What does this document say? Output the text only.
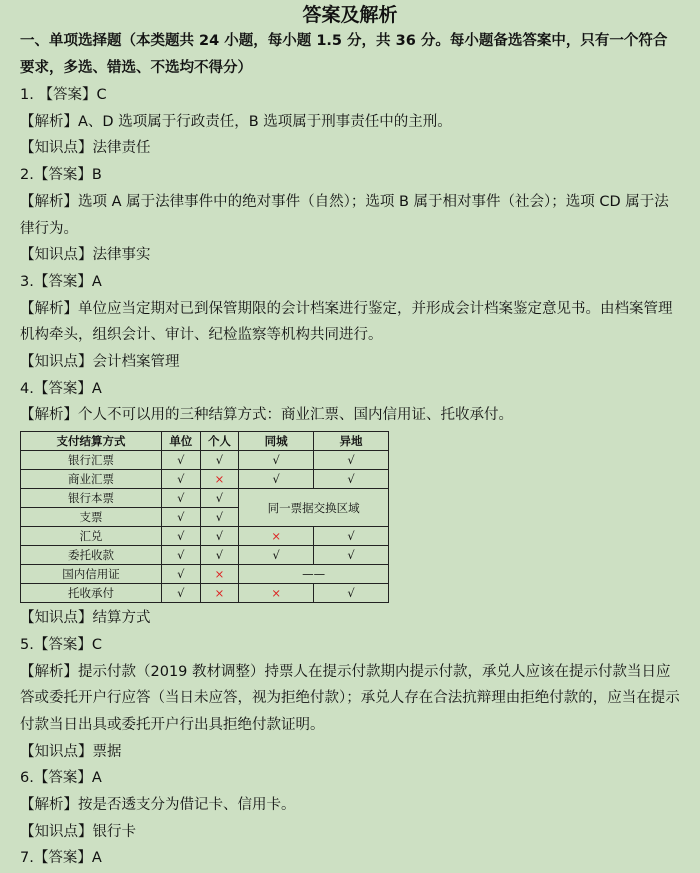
答案及解析

一、单项选择题（本类题共 24 小题，每小题 1.5 分，共 36 分。每小题备选答案中，只有一个符合要求，多选、错选、不选均不得分）

1. 【答案】C

【解析】A、D 选项属于行政责任，B 选项属于刑事责任中的主刑。

【知识点】法律责任

2.【答案】B

【解析】选项 A 属于法律事件中的绝对事件（自然）；选项 B 属于相对事件（社会）；选项 CD 属于法律行为。

【知识点】法律事实

3.【答案】A

【解析】单位应当定期对已到保管期限的会计档案进行鉴定，并形成会计档案鉴定意见书。由档案管理机构牵头，组织会计、审计、纪检监察等机构共同进行。

【知识点】会计档案管理

4.【答案】A

【解析】个人不可以用的三种结算方式：商业汇票、国内信用证、托收承付。

支付结算方式	单位	个人	同城	异地
银行汇票	√	√	√	√
商业汇票	√	×	√	√
银行本票	√	√	同一票据交换区域	
支票	√	√		
汇兑	√	√	×	√
委托收款	√	√	√	√
国内信用证	√	×	——	
托收承付	√	×	×	√

【知识点】结算方式

5.【答案】C

【解析】提示付款（2019 教材调整）持票人在提示付款期内提示付款，承兑人应该在提示付款当日应答或委托开户行应答（当日未应答，视为拒绝付款）；承兑人存在合法抗辩理由拒绝付款的，应当在提示付款当日出具或委托开户行出具拒绝付款证明。

【知识点】票据

6.【答案】A

【解析】按是否透支分为借记卡、信用卡。

【知识点】银行卡

7.【答案】A
